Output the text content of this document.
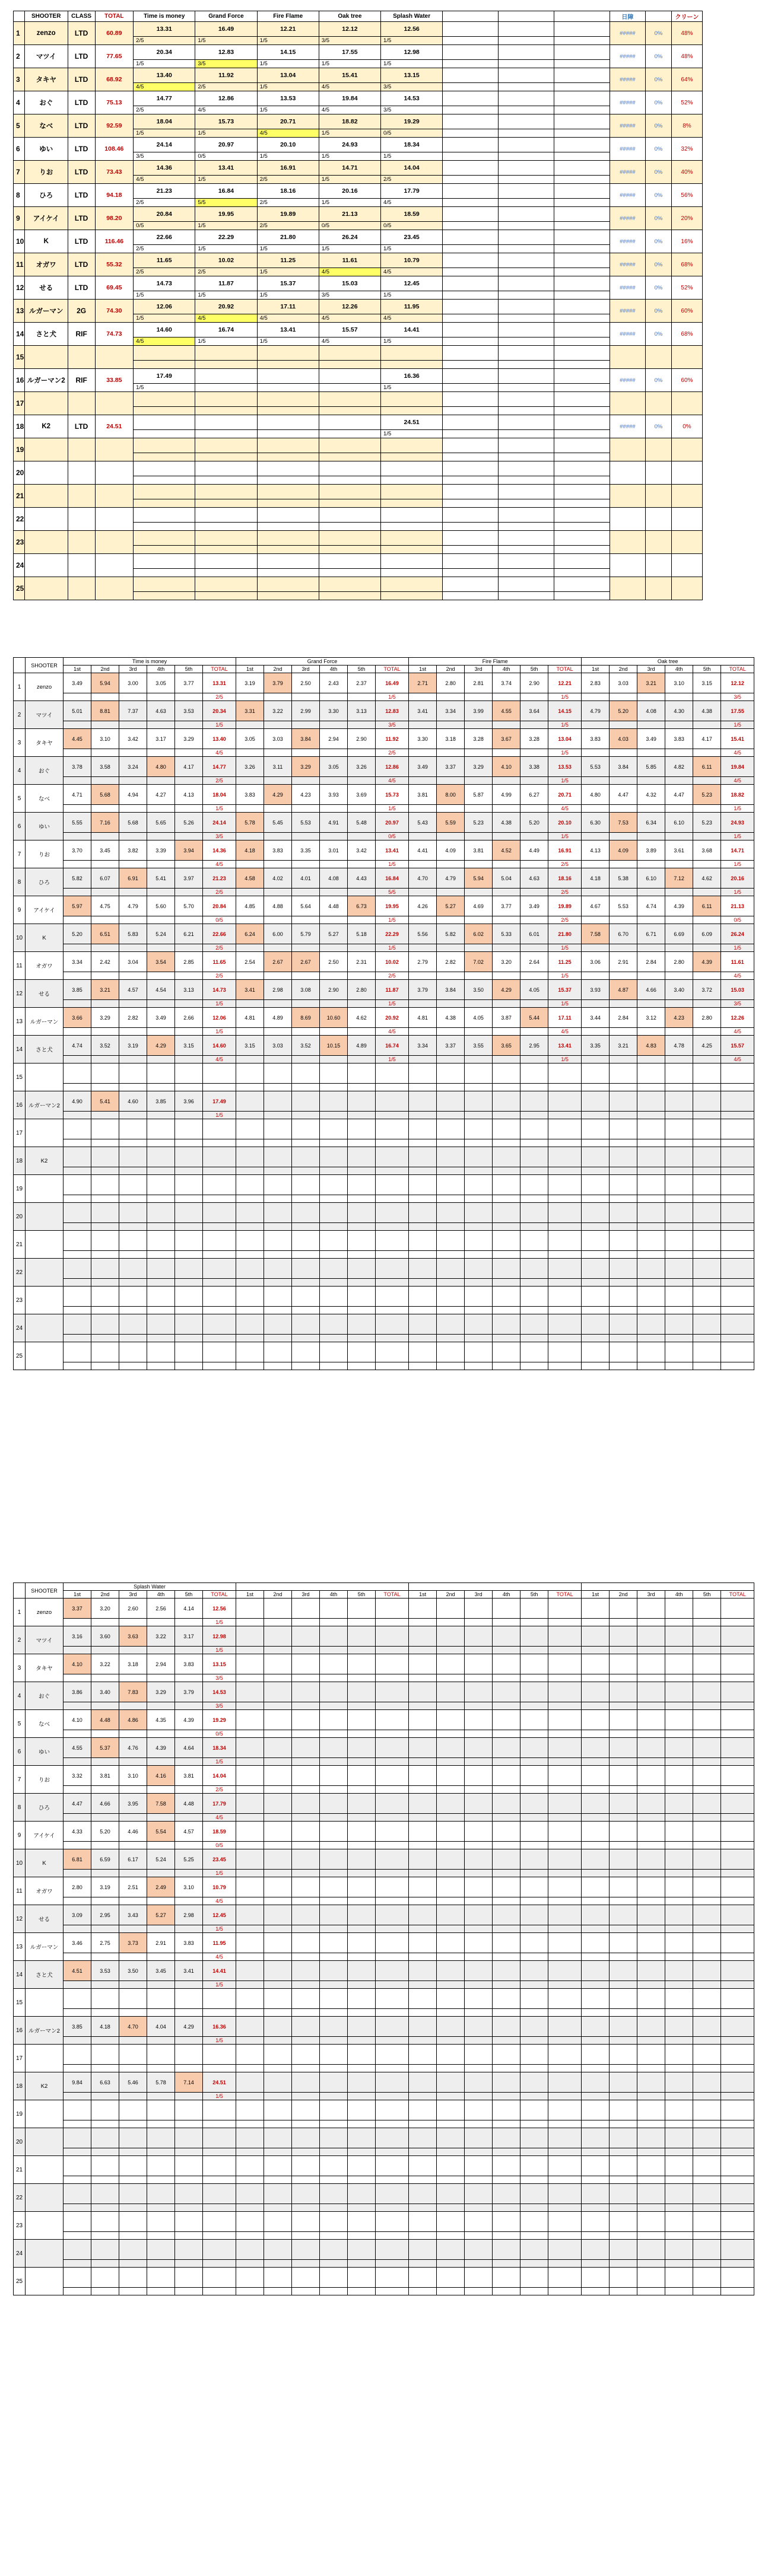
	SHOOTER	CLASS	TOTAL	Time is money	Grand Force	Fire Flame	Oak tree	Splash Water				日障		クリーン
1	zenzo	LTD	60.89	13.31	16.49	12.21	12.12	12.56				#####	0%	48%
				2/5	1/5	1/5	3/5	1/5						
2	マツイ	LTD	77.65	20.34	12.83	14.15	17.55	12.98				#####	0%	48%
				1/5	3/5	1/5	1/5	1/5						
3	タキヤ	LTD	68.92	13.40	11.92	13.04	15.41	13.15				#####	0%	64%
				4/5	2/5	1/5	4/5	3/5						
4	おぐ	LTD	75.13	14.77	12.86	13.53	19.84	14.53				#####	0%	52%
				2/5	4/5	1/5	4/5	3/5						
5	なべ	LTD	92.59	18.04	15.73	20.71	18.82	19.29				#####	0%	8%
				1/5	1/5	4/5	1/5	0/5						
6	ゆい	LTD	108.46	24.14	20.97	20.10	24.93	18.34				#####	0%	32%
				3/5	0/5	1/5	1/5	1/5						
7	りお	LTD	73.43	14.36	13.41	16.91	14.71	14.04				#####	0%	40%
				4/5	1/5	2/5	1/5	2/5						
8	ひろ	LTD	94.18	21.23	16.84	18.16	20.16	17.79				#####	0%	56%
				2/5	5/5	2/5	1/5	4/5						
9	アイケイ	LTD	98.20	20.84	19.95	19.89	21.13	18.59				#####	0%	20%
				0/5	1/5	2/5	0/5	0/5						
10	K	LTD	116.46	22.66	22.29	21.80	26.24	23.45				#####	0%	16%
				2/5	1/5	1/5	1/5	1/5						
11	オガワ	LTD	55.32	11.65	10.02	11.25	11.61	10.79				#####	0%	68%
				2/5	2/5	1/5	4/5	4/5						
12	せる	LTD	69.45	14.73	11.87	15.37	15.03	12.45				#####	0%	52%
				1/5	1/5	1/5	3/5	1/5						
13	ルガーマン	2G	74.30	12.06	20.92	17.11	12.26	11.95				#####	0%	60%
				1/5	4/5	4/5	4/5	4/5						
14	さと犬	RIF	74.73	14.60	16.74	13.41	15.57	14.41				#####	0%	68%
				4/5	1/5	1/5	4/5	1/5						
15														

16	ルガーマン2	RIF	33.85	17.49				16.36				#####	0%	60%
				1/5				1/5						
17														

18	K2	LTD	24.51					24.51				#####	0%	0%
								1/5						
19														

20														

21														

22														

23														

24														

25														

	SHOOTER	Time is money						Grand Force						Fire Flame						Oak tree					
		1st	2nd	3rd	4th	5th	TOTAL	1st	2nd	3rd	4th	5th	TOTAL	1st	2nd	3rd	4th	5th	TOTAL	1st	2nd	3rd	4th	5th	TOTAL
1	zenzo	3.49	5.94	3.00	3.05	3.77	13.31	3.19	3.79	2.50	2.43	2.37	16.49	2.71	2.80	2.81	3.74	2.90	12.21	2.83	3.03	3.21	3.10	3.15	12.12
							2/5						1/5						1/5						3/5
2	マツイ	5.01	8.81	7.37	4.63	3.53	20.34	3.31	3.22	2.99	3.30	3.13	12.83	3.41	3.34	3.99	4.55	3.64	14.15	4.79	5.20	4.08	4.30	4.38	17.55
							1/5						3/5						1/5						1/5
3	タキヤ	4.45	3.10	3.42	3.17	3.29	13.40	3.05	3.03	3.84	2.94	2.90	11.92	3.30	3.18	3.28	3.67	3.28	13.04	3.83	4.03	3.49	3.83	4.17	15.41
							4/5						2/5						1/5						4/5
4	おぐ	3.78	3.58	3.24	4.80	4.17	14.77	3.26	3.11	3.29	3.05	3.26	12.86	3.49	3.37	3.29	4.10	3.38	13.53	5.53	3.84	5.85	4.82	6.11	19.84
							2/5						4/5						1/5						4/5
5	なべ	4.71	5.68	4.94	4.27	4.13	18.04	3.83	4.29	4.23	3.93	3.69	15.73	3.81	8.00	5.87	4.99	6.27	20.71	4.80	4.47	4.32	4.47	5.23	18.82
							1/5						1/5						4/5						1/5
6	ゆい	5.55	7.16	5.68	5.65	5.26	24.14	5.78	5.45	5.53	4.91	5.48	20.97	5.43	5.59	5.23	4.38	5.20	20.10	6.30	7.53	6.34	6.10	5.23	24.93
							3/5						0/5						1/5						1/5
7	りお	3.70	3.45	3.82	3.39	3.94	14.36	4.18	3.83	3.35	3.01	3.42	13.41	4.41	4.09	3.81	4.52	4.49	16.91	4.13	4.09	3.89	3.61	3.68	14.71
							4/5						1/5						2/5						1/5
8	ひろ	5.82	6.07	6.91	5.41	3.97	21.23	4.58	4.02	4.01	4.08	4.43	16.84	4.70	4.79	5.94	5.04	4.63	18.16	4.18	5.38	6.10	7.12	4.62	20.16
							2/5						5/5						2/5						1/5
9	アイケイ	5.97	4.75	4.79	5.60	5.70	20.84	4.85	4.88	5.64	4.48	6.73	19.95	4.26	5.27	4.69	3.77	3.49	19.89	4.67	5.53	4.74	4.39	6.11	21.13
							0/5						1/5						2/5						0/5
10	K	5.20	6.51	5.83	5.24	6.21	22.66	6.24	6.00	5.79	5.27	5.18	22.29	5.56	5.82	6.02	5.33	6.01	21.80	7.58	6.70	6.71	6.69	6.09	26.24
							2/5						1/5						1/5						1/5
11	オガワ	3.34	2.42	3.04	3.54	2.85	11.65	2.54	2.67	2.67	2.50	2.31	10.02	2.79	2.82	7.02	3.20	2.64	11.25	3.06	2.91	2.84	2.80	4.39	11.61
							2/5						2/5						1/5						4/5
12	せる	3.85	3.21	4.57	4.54	3.13	14.73	3.41	2.98	3.08	2.90	2.80	11.87	3.79	3.84	3.50	4.29	4.05	15.37	3.93	4.87	4.66	3.40	3.72	15.03
							1/5						1/5						1/5						3/5
13	ルガーマン	3.66	3.29	2.82	3.49	2.66	12.06	4.81	4.89	8.69	10.60	4.62	20.92	4.81	4.38	4.05	3.87	5.44	17.11	3.44	2.84	3.12	4.23	2.80	12.26
							1/5						4/5						4/5						4/5
14	さと犬	4.74	3.52	3.19	4.29	3.15	14.60	3.15	3.03	3.52	10.15	4.89	16.74	3.34	3.37	3.55	3.65	2.95	13.41	3.35	3.21	4.83	4.78	4.25	15.57
							4/5						1/5						1/5						4/5
15																									

16	ルガーマン2	4.90	5.41	4.60	3.85	3.96	17.49																		
							1/5																		
17																									

18	K2																								

19																									

20																									

21																									

22																									

23																									

24																									

25																									

	SHOOTER	Splash Water																							
		1st	2nd	3rd	4th	5th	TOTAL	1st	2nd	3rd	4th	5th	TOTAL	1st	2nd	3rd	4th	5th	TOTAL	1st	2nd	3rd	4th	5th	TOTAL
1	zenzo	3.37	3.20	2.60	2.56	4.14	12.56																		
							1/5																		
2	マツイ	3.16	3.60	3.63	3.22	3.17	12.98																		
							1/5																		
3	タキヤ	4.10	3.22	3.18	2.94	3.83	13.15																		
							3/5																		
4	おぐ	3.86	3.40	7.83	3.29	3.79	14.53																		
							3/5																		
5	なべ	4.10	4.48	4.86	4.35	4.39	19.29																		
							0/5																		
6	ゆい	4.55	5.37	4.76	4.39	4.64	18.34																		
							1/5																		
7	りお	3.32	3.81	3.10	4.16	3.81	14.04																		
							2/5																		
8	ひろ	4.47	4.66	3.95	7.58	4.48	17.79																		
							4/5																		
9	アイケイ	4.33	5.20	4.46	5.54	4.57	18.59																		
							0/5																		
10	K	6.81	6.59	6.17	5.24	5.25	23.45																		
							1/5																		
11	オガワ	2.80	3.19	2.51	2.49	3.10	10.79																		
							4/5																		
12	せる	3.09	2.95	3.43	5.27	2.98	12.45																		
							1/5																		
13	ルガーマン	3.46	2.75	3.73	2.91	3.83	11.95																		
							4/5																		
14	さと犬	4.51	3.53	3.50	3.45	3.41	14.41																		
							1/5																		
15																									

16	ルガーマン2	3.85	4.18	4.70	4.04	4.29	16.36																		
							1/5																		
17																									

18	K2	9.84	6.63	5.46	5.78	7.14	24.51																		
							1/5																		
19																									

20																									

21																									

22																									

23																									

24																									

25																									
